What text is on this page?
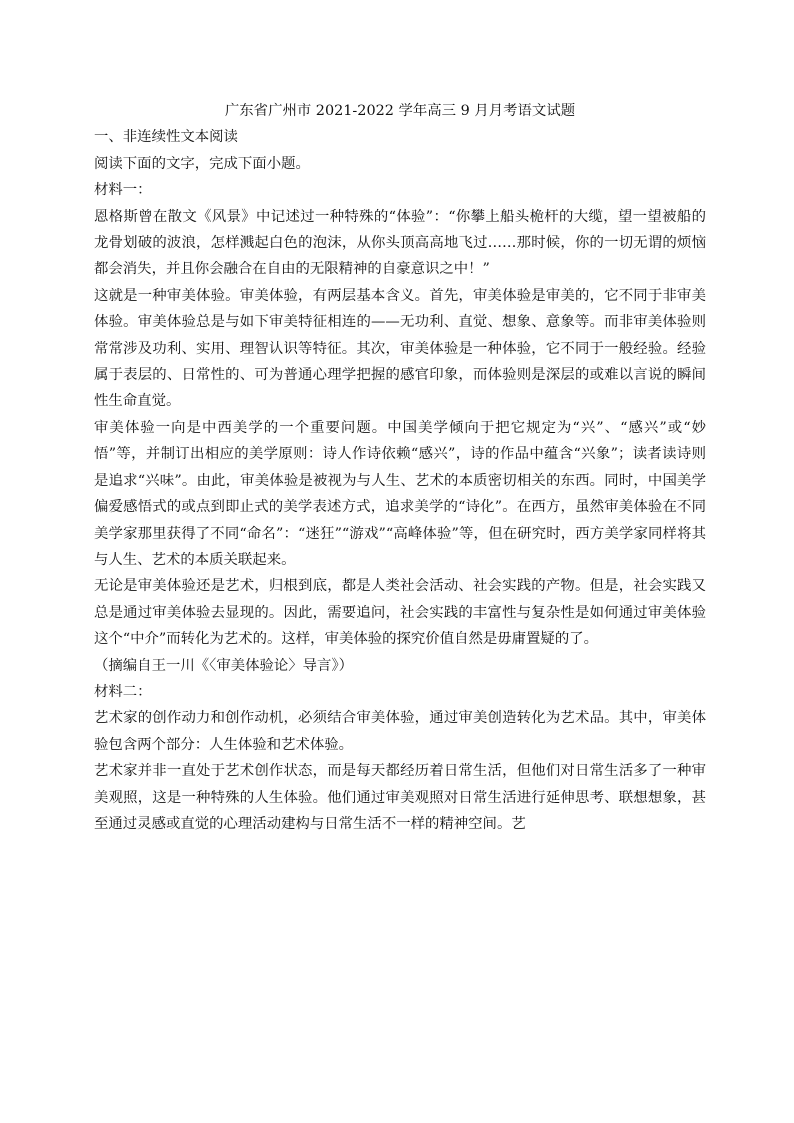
广东省广州市 2021-2022 学年高三 9 月月考语文试题

一、非连续性文本阅读

阅读下面的文字，完成下面小题。

材料一：

恩格斯曾在散文《风景》中记述过一种特殊的“体验”：“你攀上船头桅杆的大缆，望一望被船的龙骨划破的波浪，怎样溅起白色的泡沫，从你头顶高高地飞过……那时候，你的一切无谓的烦恼都会消失，并且你会融合在自由的无限精神的自豪意识之中！”

这就是一种审美体验。审美体验，有两层基本含义。首先，审美体验是审美的，它不同于非审美体验。审美体验总是与如下审美特征相连的——无功利、直觉、想象、意象等。而非审美体验则常常涉及功利、实用、理智认识等特征。其次，审美体验是一种体验，它不同于一般经验。经验属于表层的、日常性的、可为普通心理学把握的感官印象，而体验则是深层的或难以言说的瞬间性生命直觉。

审美体验一向是中西美学的一个重要问题。中国美学倾向于把它规定为“兴”、“感兴”或“妙悟”等，并制订出相应的美学原则：诗人作诗依赖“感兴”，诗的作品中蕴含“兴象”；读者读诗则是追求“兴味”。由此，审美体验是被视为与人生、艺术的本质密切相关的东西。同时，中国美学偏爱感悟式的或点到即止式的美学表述方式，追求美学的“诗化”。在西方，虽然审美体验在不同美学家那里获得了不同“命名”：“迷狂”“游戏”“高峰体验”等，但在研究时，西方美学家同样将其与人生、艺术的本质关联起来。

无论是审美体验还是艺术，归根到底，都是人类社会活动、社会实践的产物。但是，社会实践又总是通过审美体验去显现的。因此，需要追问，社会实践的丰富性与复杂性是如何通过审美体验这个“中介”而转化为艺术的。这样，审美体验的探究价值自然是毋庸置疑的了。

（摘编自王一川《〈审美体验论〉导言》）

材料二：

艺术家的创作动力和创作动机，必须结合审美体验，通过审美创造转化为艺术品。其中，审美体验包含两个部分：人生体验和艺术体验。

艺术家并非一直处于艺术创作状态，而是每天都经历着日常生活，但他们对日常生活多了一种审美观照，这是一种特殊的人生体验。他们通过审美观照对日常生活进行延伸思考、联想想象，甚至通过灵感或直觉的心理活动建构与日常生活不一样的精神空间。艺
